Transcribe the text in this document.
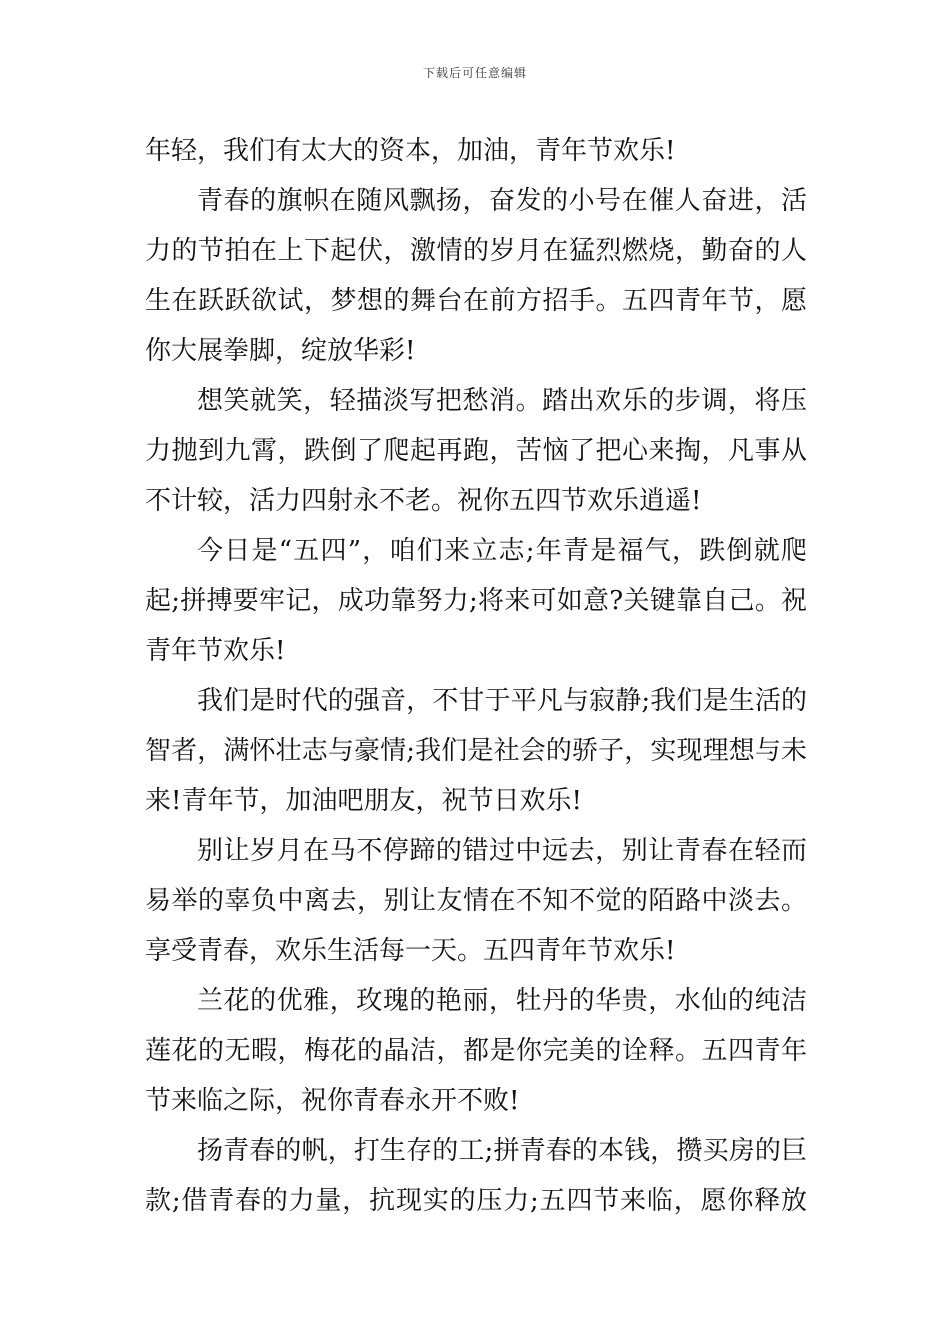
下载后可任意编辑
年轻，我们有太大的资本，加油，青年节欢乐!
青春的旗帜在随风飘扬，奋发的小号在催人奋进，活
力的节拍在上下起伏，激情的岁月在猛烈燃烧，勤奋的人
生在跃跃欲试，梦想的舞台在前方招手。五四青年节，愿
你大展拳脚，绽放华彩!
想笑就笑，轻描淡写把愁消。踏出欢乐的步调，将压
力抛到九霄，跌倒了爬起再跑，苦恼了把心来掏，凡事从
不计较，活力四射永不老。祝你五四节欢乐逍遥!
今日是“五四”，咱们来立志;年青是福气，跌倒就爬
起;拼搏要牢记，成功靠努力;将来可如意?关键靠自己。祝
青年节欢乐!
我们是时代的强音，不甘于平凡与寂静;我们是生活的
智者，满怀壮志与豪情;我们是社会的骄子，实现理想与未
来!青年节，加油吧朋友，祝节日欢乐!
别让岁月在马不停蹄的错过中远去，别让青春在轻而
易举的辜负中离去，别让友情在不知不觉的陌路中淡去。
享受青春，欢乐生活每一天。五四青年节欢乐!
兰花的优雅，玫瑰的艳丽，牡丹的华贵，水仙的纯洁
莲花的无暇，梅花的晶洁，都是你完美的诠释。五四青年
节来临之际，祝你青春永开不败!
扬青春的帆，打生存的工;拼青春的本钱，攒买房的巨
款;借青春的力量，抗现实的压力;五四节来临，愿你释放
